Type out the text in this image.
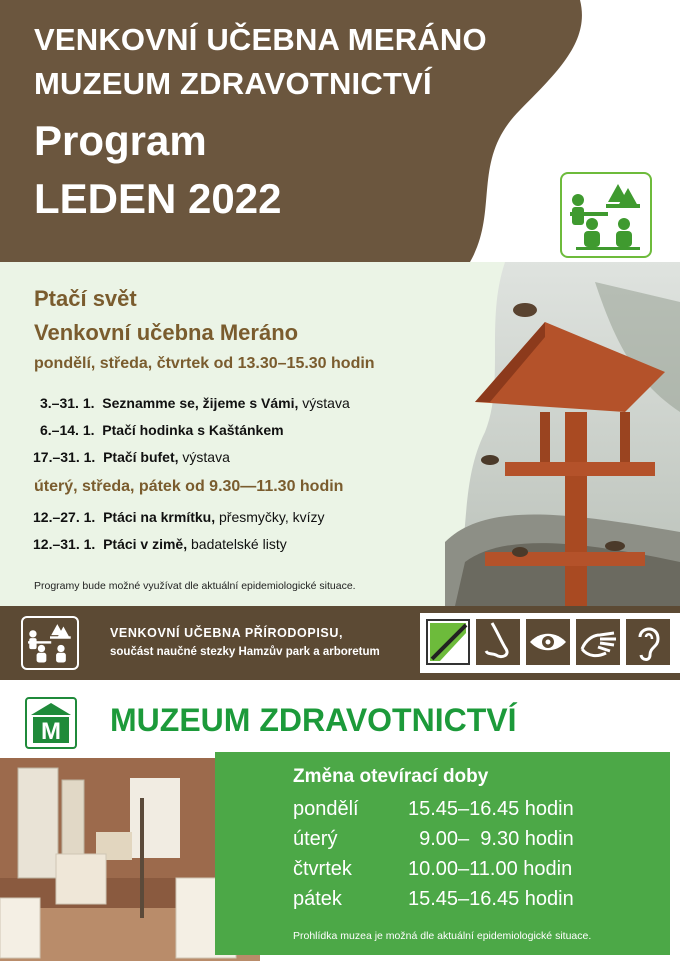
VENKOVNÍ UČEBNA MERÁNO
MUZEUM ZDRAVOTNICTVÍ
Program
LEDEN 2022
Ptačí svět
Venkovní učebna Meráno
pondělí, středa, čtvrtek od 13.30–15.30 hodin
3.–31. 1. Seznamme se, žijeme s Vámi, výstava
6.–14. 1. Ptačí hodinka s Kaštánkem
17.–31. 1. Ptačí bufet, výstava
úterý, středa, pátek od 9.30—11.30 hodin
12.–27. 1. Ptáci na krmítku, přesmyčky, kvízy
12.–31. 1. Ptáci v zimě, badatelské listy
Programy bude možné využívat dle aktuální epidemiologické situace.
VENKOVNÍ UČEBNA PŘÍRODOPISU,
součást naučné stezky Hamzův park a arboretum
M MUZEUM ZDRAVOTNICTVÍ
Změna otevírací doby
pondělí 15.45–16.45 hodin
úterý	9.00–  9.30 hodin
čtvrtek	10.00–11.00 hodin
pátek	15.45–16.45 hodin
Prohlídka muzea je možná dle aktuální epidemiologické situace.
